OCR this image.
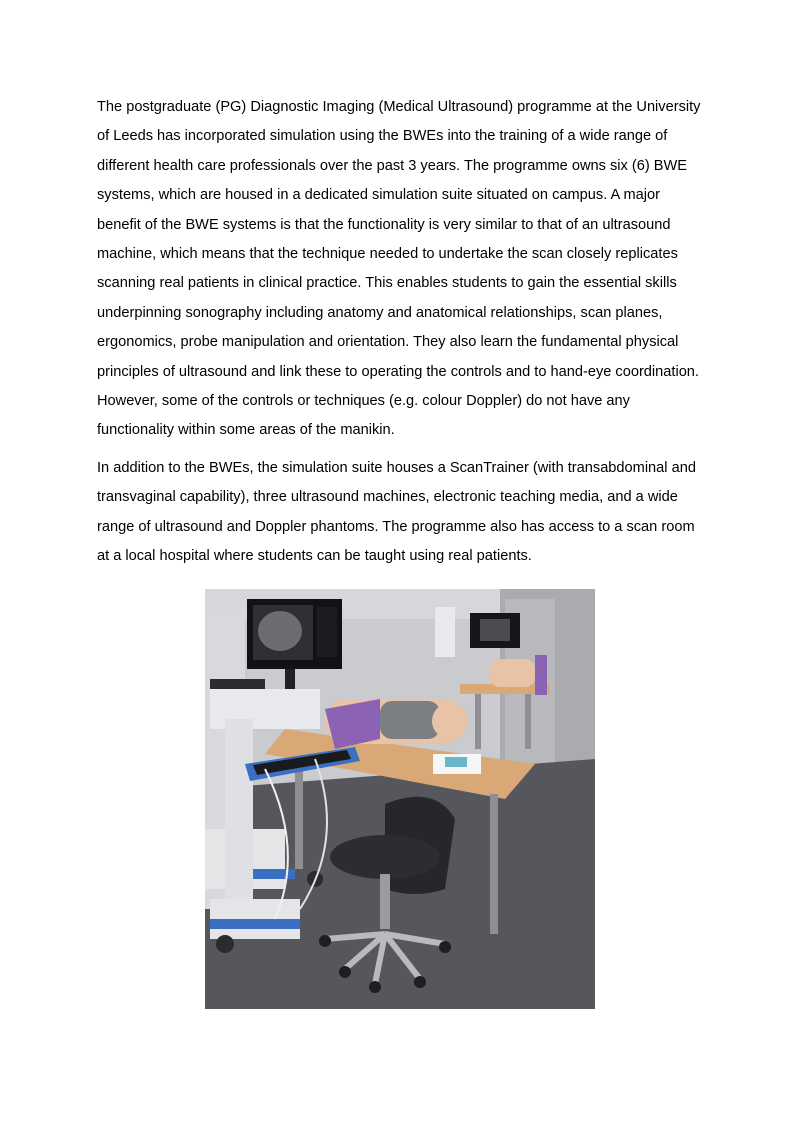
The postgraduate (PG) Diagnostic Imaging (Medical Ultrasound) programme at the University of Leeds has incorporated simulation using the BWEs into the training of a wide range of different health care professionals over the past 3 years. The programme owns six (6) BWE systems, which are housed in a dedicated simulation suite situated on campus. A major benefit of the BWE systems is that the functionality is very similar to that of an ultrasound machine, which means that the technique needed to undertake the scan closely replicates scanning real patients in clinical practice. This enables students to gain the essential skills underpinning sonography including anatomy and anatomical relationships, scan planes, ergonomics, probe manipulation and orientation. They also learn the fundamental physical principles of ultrasound and link these to operating the controls and to hand-eye coordination. However, some of the controls or techniques (e.g. colour Doppler) do not have any functionality within some areas of the manikin.

In addition to the BWEs, the simulation suite houses a ScanTrainer (with transabdominal and transvaginal capability), three ultrasound machines, electronic teaching media, and a wide range of ultrasound and Doppler phantoms. The programme also has access to a scan room at a local hospital where students can be taught using real patients.
